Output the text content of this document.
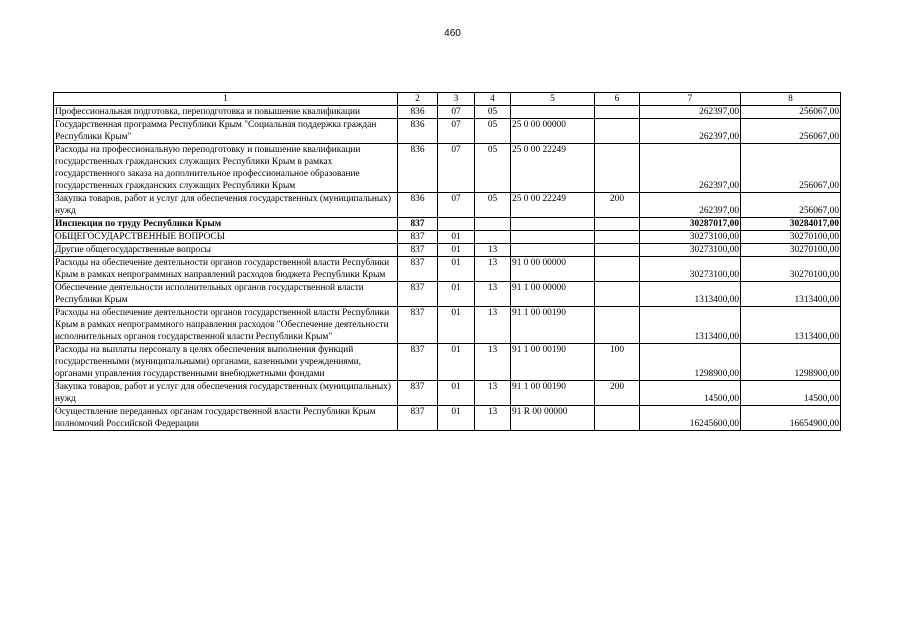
460
1	2	3	4	5	6	7	8
Профессиональная подготовка, переподготовка и повышение квалификации	836	07	05			262397,00	256067,00
Государственная программа Республики Крым "Социальная поддержка граждан Республики Крым"	836	07	05	25 0 00 00000		262397,00	256067,00
Расходы на профессиональную переподготовку и повышение квалификации государственных гражданских служащих Республики Крым в рамках государственного заказа на дополнительное профессиональное образование государственных гражданских служащих Республики Крым	836	07	05	25 0 00 22249		262397,00	256067,00
Закупка товаров, работ и услуг для обеспечения государственных (муниципальных) нужд	836	07	05	25 0 00 22249	200	262397,00	256067,00
Инспекция по труду Республики Крым	837					30287017,00	30284017,00
ОБЩЕГОСУДАРСТВЕННЫЕ ВОПРОСЫ	837	01				30273100,00	30270100,00
Другие общегосударственные вопросы	837	01	13			30273100,00	30270100,00
Расходы на обеспечение деятельности органов государственной власти Республики Крым в рамках непрограммных направлений расходов бюджета Республики Крым	837	01	13	91 0 00 00000		30273100,00	30270100,00
Обеспечение деятельности исполнительных органов государственной власти Республики Крым	837	01	13	91 1 00 00000		1313400,00	1313400,00
Расходы на обеспечение деятельности органов государственной власти Республики Крым в рамках непрограммного направления расходов "Обеспечение деятельности исполнительных органов государственной власти Республики Крым"	837	01	13	91 1 00 00190		1313400,00	1313400,00
Расходы на выплаты персоналу в целях обеспечения выполнения функций государственными (муниципальными) органами, казенными учреждениями, органами управления государственными внебюджетными фондами	837	01	13	91 1 00 00190	100	1298900,00	1298900,00
Закупка товаров, работ и услуг для обеспечения государственных (муниципальных) нужд	837	01	13	91 1 00 00190	200	14500,00	14500,00
Осуществление переданных органам государственной власти Республики Крым полномочий Российской Федерации	837	01	13	91 R 00 00000		16245600,00	16654900,00
